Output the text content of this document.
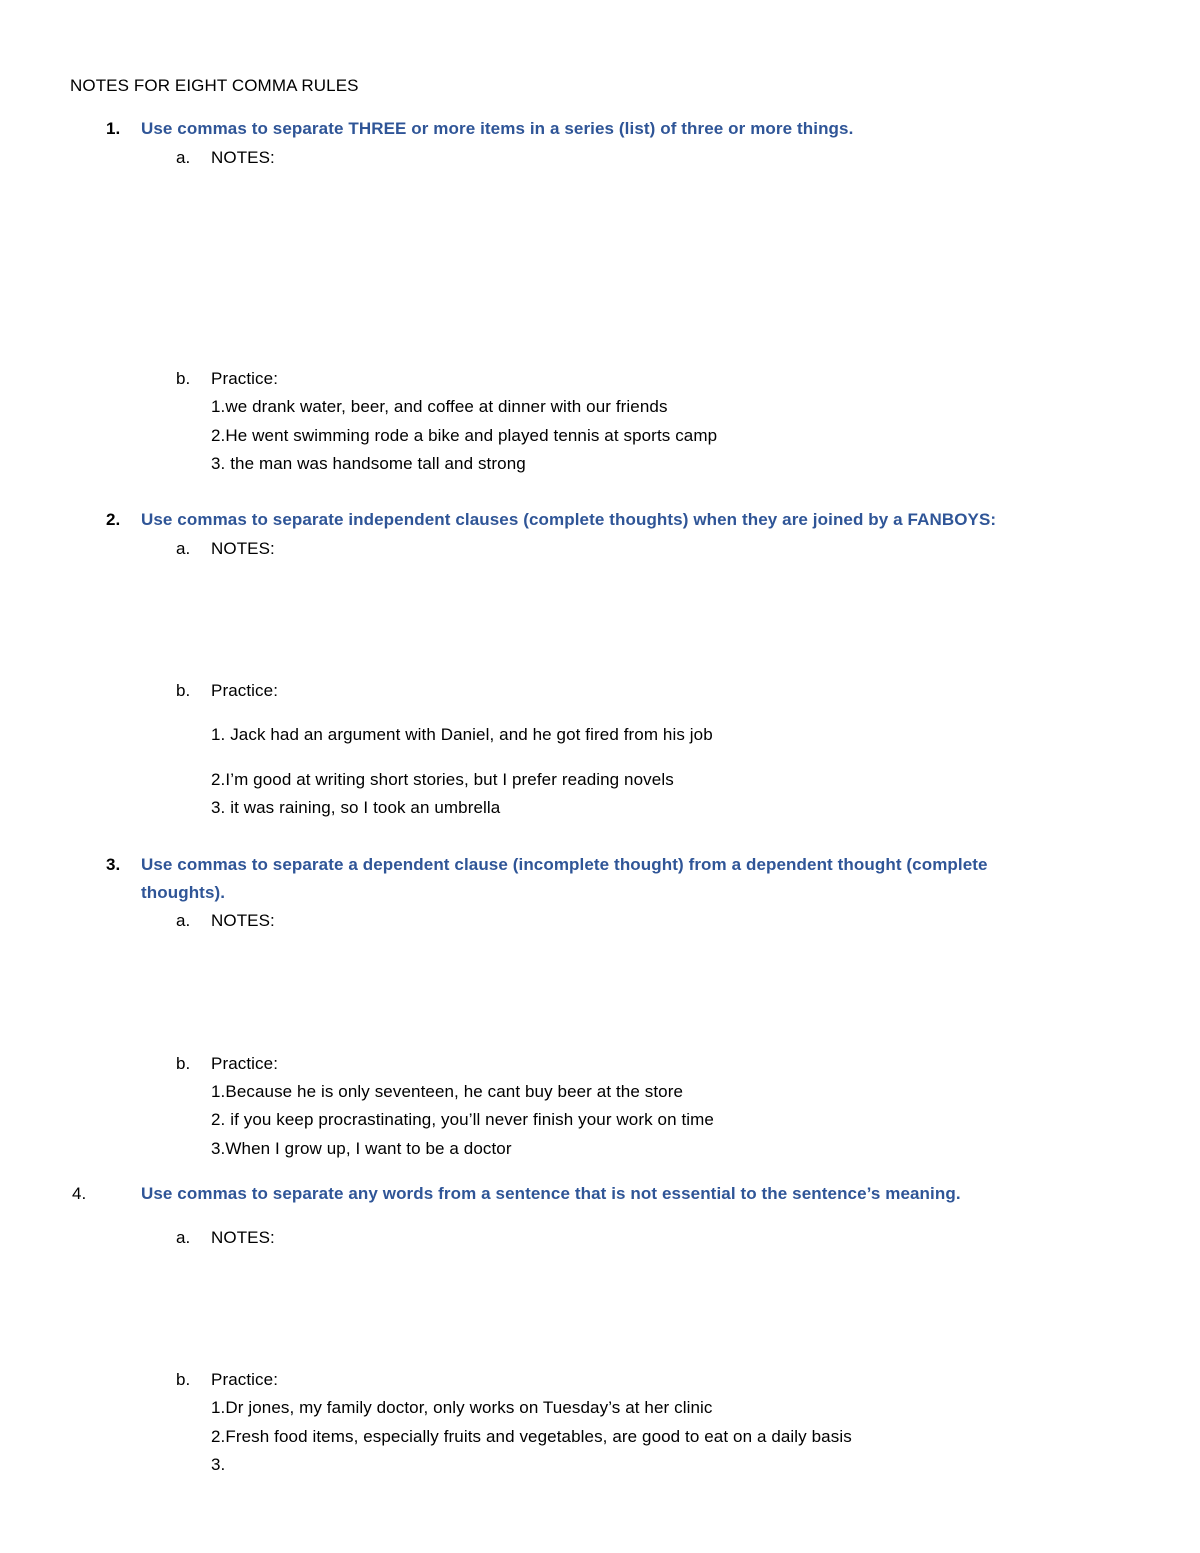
NOTES FOR EIGHT COMMA RULES
1. Use commas to separate THREE or more items in a series (list) of three or more things.
a. NOTES:
b. Practice:
1.we drank water, beer, and coffee at dinner with our friends
2.He went swimming rode a bike and played tennis at sports camp
3. the man was handsome tall and strong
2. Use commas to separate independent clauses (complete thoughts) when they are joined by a FANBOYS:
a. NOTES:
b. Practice:
1. Jack had an argument with Daniel, and he got fired from his job
2.I’m good at writing short stories, but I prefer reading novels
3. it was raining, so I took an umbrella
3. Use commas to separate a dependent clause (incomplete thought) from a dependent thought (complete
thoughts).
a. NOTES:
b. Practice:
1.Because he is only seventeen, he cant buy beer at the store
2. if you keep procrastinating, you’ll never finish your work on time
3.When I grow up, I want to be a doctor
4.	Use commas to separate any words from a sentence that is not essential to the sentence’s meaning.
a. NOTES:
b. Practice:
1.Dr jones, my family doctor, only works on Tuesday’s at her clinic
2.Fresh food items, especially fruits and vegetables, are good to eat on a daily basis
3.
